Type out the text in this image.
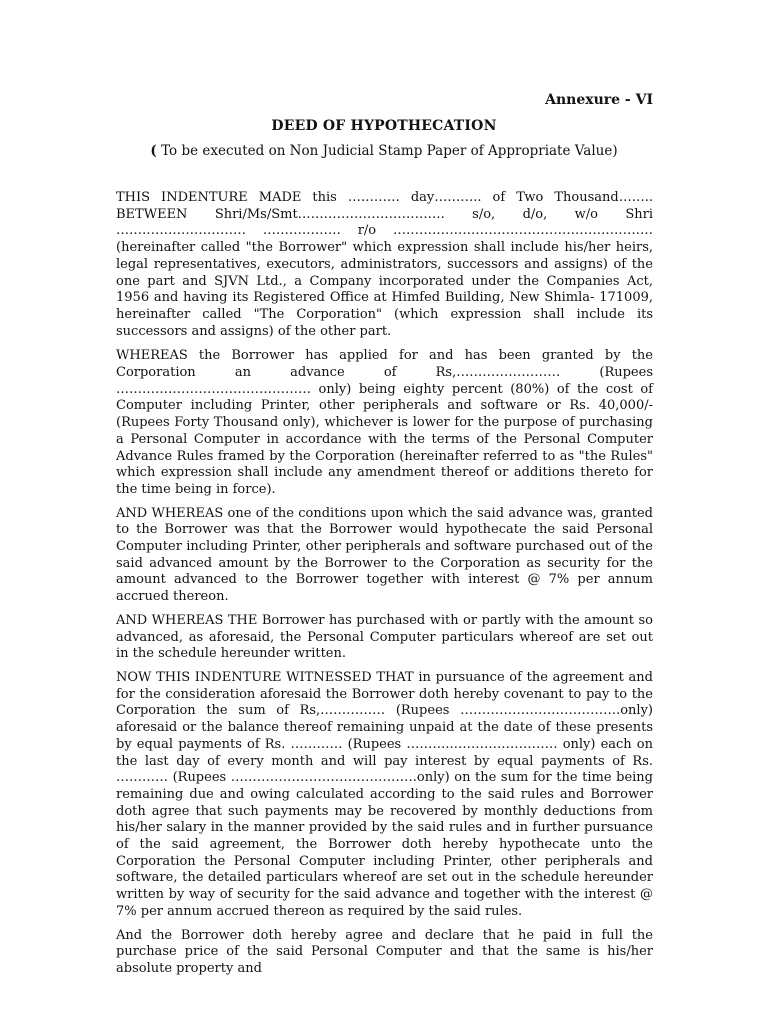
Annexure - VI
DEED OF HYPOTHECATION
( To be executed on Non Judicial Stamp Paper of Appropriate Value)

THIS INDENTURE MADE this ………… day……….. of Two Thousand…….. BETWEEN Shri/Ms/Smt……………………………. s/o, d/o, w/o Shri ………………………… ……………… r/o …………………………………………………… (hereinafter called "the Borrower" which expression shall include his/her heirs, legal representatives, executors, administrators, successors and assigns) of the one part and SJVN Ltd., a Company incorporated under the Companies Act, 1956 and having its Registered Office at Himfed Building, New Shimla- 171009, hereinafter called "The Corporation" (which expression shall include its successors and assigns) of the other part.

WHEREAS the Borrower has applied for and has been granted by the Corporation an advance of Rs,…………………… (Rupees ……………………………………… only) being eighty percent (80%) of the cost of Computer including Printer, other peripherals and software or Rs. 40,000/- (Rupees Forty Thousand only), whichever is lower for the purpose of purchasing a Personal Computer in accordance with the terms of the Personal Computer Advance Rules framed by the Corporation (hereinafter referred to as "the Rules" which expression shall include any amendment thereof or additions thereto for the time being in force).

AND WHEREAS one of the conditions upon which the said advance was, granted to the Borrower was that the Borrower would hypothecate the said Personal Computer including Printer, other peripherals and software purchased out of the said advanced amount by the Borrower to the Corporation as security for the amount advanced to the Borrower together with interest @ 7% per annum accrued thereon.

AND WHEREAS THE Borrower has purchased with or partly with the amount so advanced, as aforesaid, the Personal Computer particulars whereof are set out in the schedule hereunder written.

NOW THIS INDENTURE WITNESSED THAT in pursuance of the agreement and for the consideration aforesaid the Borrower doth hereby covenant to pay to the Corporation the sum of Rs,…………… (Rupees ……………………………….only) aforesaid or the balance thereof remaining unpaid at the date of these presents by equal payments of Rs. ………… (Rupees ………..…………………… only) each on the last day of every month and will pay interest by equal payments of Rs. ………… (Rupees …………………………………….only) on the sum for the time being remaining due and owing calculated according to the said rules and Borrower doth agree that such payments may be recovered by monthly deductions from his/her salary in the manner provided by the said rules and in further pursuance of the said agreement, the Borrower doth hereby hypothecate unto the Corporation the Personal Computer including Printer, other peripherals and software, the detailed particulars whereof are set out in the schedule hereunder written by way of security for the said advance and together with the interest @ 7% per annum accrued thereon as required by the said rules.

And the Borrower doth hereby agree and declare that he paid in full the purchase price of the said Personal Computer and that the same is his/her absolute property and
